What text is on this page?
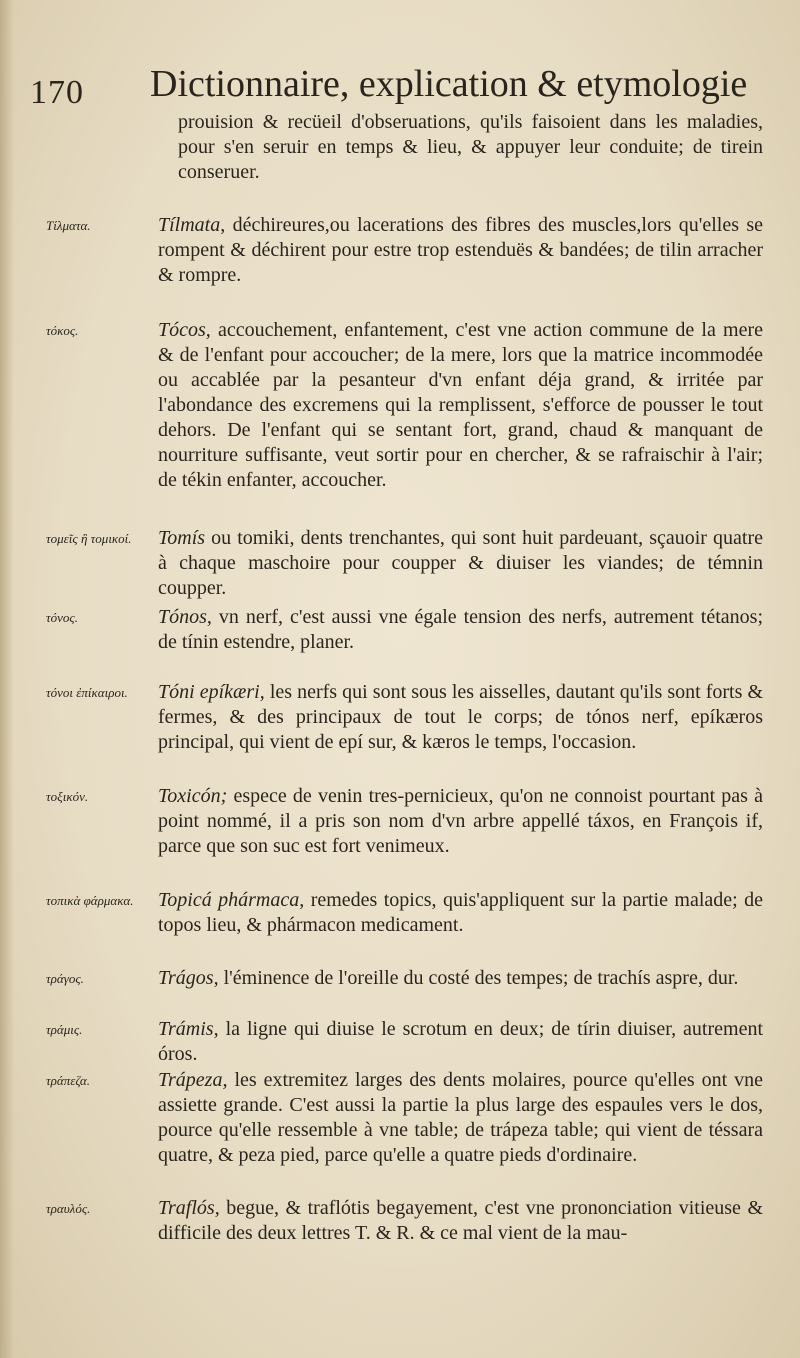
170 Dictionnaire, explication & etymologie
prouision & recüeil d'obseruations, qu'ils faisoient dans les maladies, pour s'en seruir en temps & lieu, & appuyer leur conduite; de tirein conseruer.
Τίλματα.	Tílmata, déchireures,ou lacerations des fibres des muscles,lors qu'elles se rompent & déchirent pour estre trop estenduës & bandées; de tilin arracher & rompre.
τόκος.	Tócos, accouchement, enfantement, c'est vne action commune de la mere & de l'enfant pour accoucher; de la mere, lors que la matrice incommodée ou accablée par la pesanteur d'vn enfant déja grand, & irritée par l'abondance des excremens qui la remplissent, s'efforce de pousser le tout dehors. De l'enfant qui se sentant fort, grand, chaud & manquant de nourriture suffisante, veut sortir pour en chercher, & se rafraischir à l'air; de tékin enfanter, accoucher.
τομεῖς ἢ τομικοί.	Tomís ou tomiki, dents trenchantes, qui sont huit pardeuant, sçauoir quatre à chaque maschoire pour coupper & diuiser les viandes; de témnin coupper.
τόνος.	Tónos, vn nerf, c'est aussi vne égale tension des nerfs, autrement tétanos; de tínin estendre, planer.
τόνοι ἐπίκαιροι.	Tóni epíkæri, les nerfs qui sont sous les aisselles, dautant qu'ils sont forts & fermes, & des principaux de tout le corps; de tónos nerf, epíkæros principal, qui vient de epí sur, & kæros le temps, l'occasion.
τοξικόν.	Toxicón; espece de venin tres-pernicieux, qu'on ne connoist pourtant pas à point nommé, il a pris son nom d'vn arbre appellé táxos, en François if, parce que son suc est fort venimeux.
τοπικὰ φάρμακα.	Topicá phármaca, remedes topics, quis'appliquent sur la partie malade; de topos lieu, & phármacon medicament.
τράγος.	Trágos, l'éminence de l'oreille du costé des tempes; de trachís aspre, dur.
τράμις.	Trámis, la ligne qui diuise le scrotum en deux; de tírin diuiser, autrement óros.
τράπεζα.	Trápeza, les extremitez larges des dents molaires, pource qu'elles ont vne assiette grande. C'est aussi la partie la plus large des espaules vers le dos, pource qu'elle ressemble à vne table; de trápeza table; qui vient de téssara quatre, & peza pied, parce qu'elle a quatre pieds d'ordinaire.
τραυλός.	Traflós, begue, & traflótis begayement, c'est vne prononciation vitieuse & difficile des deux lettres T. & R. & ce mal vient de la mau-
